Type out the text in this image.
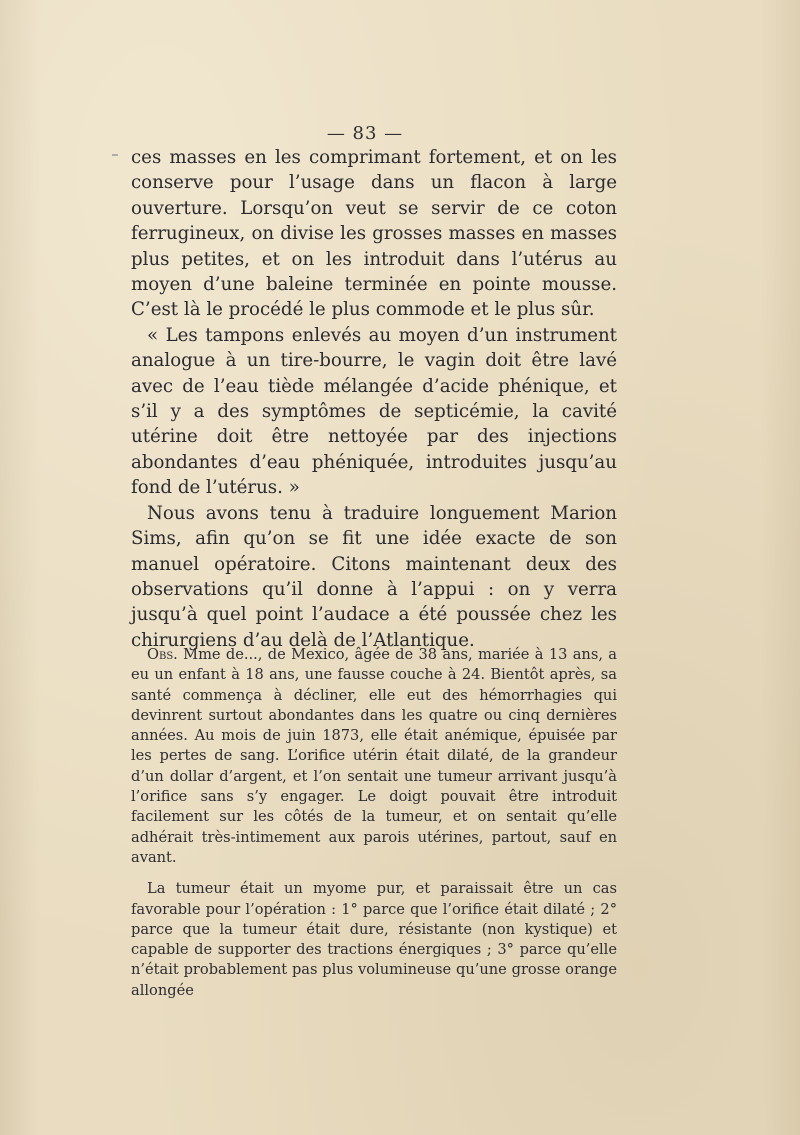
— 83 —

ces masses en les comprimant fortement, et on les conserve pour l’usage dans un flacon à large ouverture. Lorsqu’on veut se servir de ce coton ferrugineux, on divise les grosses masses en masses plus petites, et on les introduit dans l’utérus au moyen d’une baleine terminée en pointe mousse. C’est là le procédé le plus commode et le plus sûr.

« Les tampons enlevés au moyen d’un instrument analogue à un tire-bourre, le vagin doit être lavé avec de l’eau tiède mélangée d’acide phénique, et s’il y a des symptômes de septicémie, la cavité utérine doit être nettoyée par des injections abondantes d’eau phéniquée, introduites jusqu’au fond de l’utérus. »

Nous avons tenu à traduire longuement Marion Sims, afin qu’on se fit une idée exacte de son manuel opératoire. Citons maintenant deux des observations qu’il donne à l’appui : on y verra jusqu’à quel point l’audace a été poussée chez les chirurgiens d’au delà de l’Atlantique.

Obs. Mme de..., de Mexico, âgée de 38 ans, mariée à 13 ans, a eu un enfant à 18 ans, une fausse couche à 24. Bientôt après, sa santé commença à décliner, elle eut des hémorrhagies qui devinrent surtout abondantes dans les quatre ou cinq dernières années. Au mois de juin 1873, elle était anémique, épuisée par les pertes de sang. L’orifice utérin était dilaté, de la grandeur d’un dollar d’argent, et l’on sentait une tumeur arrivant jusqu’à l’orifice sans s’y engager. Le doigt pouvait être introduit facilement sur les côtés de la tumeur, et on sentait qu’elle adhérait très-intimement aux parois utérines, partout, sauf en avant.

La tumeur était un myome pur, et paraissait être un cas favorable pour l’opération : 1° parce que l’orifice était dilaté ; 2° parce que la tumeur était dure, résistante (non kystique) et capable de supporter des tractions énergiques ; 3° parce qu’elle n’était probablement pas plus volumineuse qu’une grosse orange allongée
